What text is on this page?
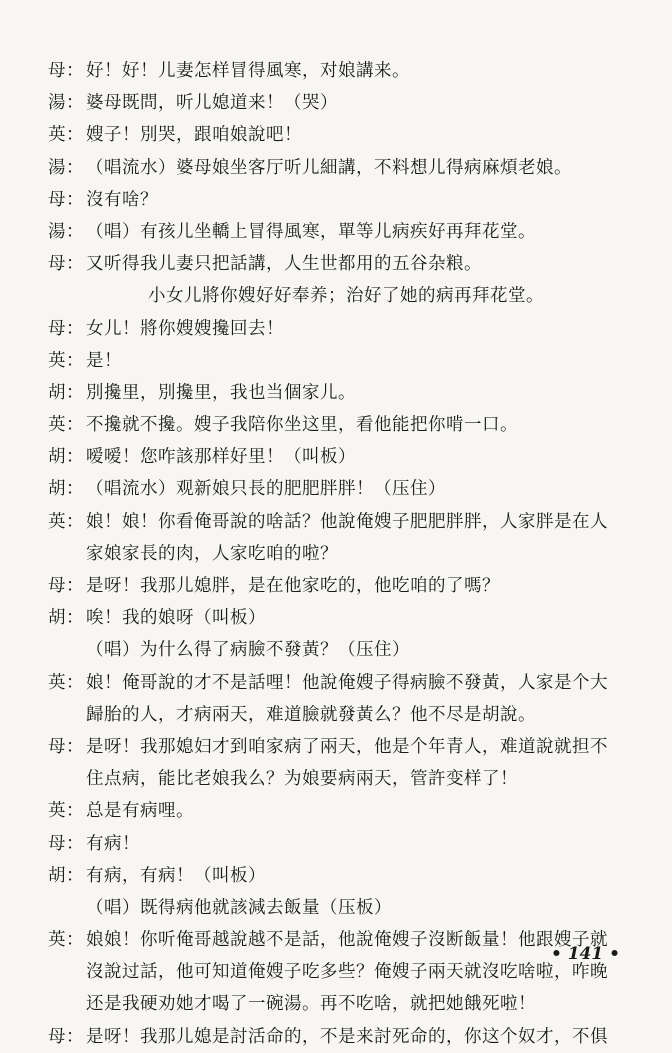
母： 好！好！儿妻怎样冒得風寒，对娘講来。
湯： 婆母既問，听儿媳道来！（哭）
英： 嫂子！別哭，跟咱娘說吧！
湯： （唱流水）婆母娘坐客厅听儿細講，不料想儿得病麻煩老娘。
母： 沒有啥？
湯： （唱）有孩儿坐轎上冒得風寒，單等儿病疾好再拜花堂。
母： 又听得我儿妻只把話講，人生世都用的五谷杂粮。
小女儿將你嫂好好奉养；治好了她的病再拜花堂。
母： 女儿！將你嫂嫂攙回去！
英： 是！
胡： 別攙里，別攙里，我也当個家儿。
英： 不攙就不攙。嫂子我陪你坐这里，看他能把你啃一口。
胡： 嗳嗳！您咋該那样好里！（叫板）
胡： （唱流水）观新娘只長的肥肥胖胖！（压住）
英： 娘！娘！你看俺哥說的啥話？他說俺嫂子肥肥胖胖，人家胖是在人
家娘家長的肉，人家吃咱的啦？
母： 是呀！我那儿媳胖，是在他家吃的，他吃咱的了嗎？
胡： 唉！我的娘呀（叫板）
（唱）为什么得了病臉不發黃？（压住）
英： 娘！俺哥說的才不是話哩！他說俺嫂子得病臉不發黃，人家是个大
歸胎的人，才病兩天，难道臉就發黃么？他不尽是胡說。
母： 是呀！我那媳妇才到咱家病了兩天，他是个年青人，难道說就担不
住点病，能比老娘我么？为娘要病兩天，管許变样了！
英： 总是有病哩。
母： 有病！
胡： 有病，有病！（叫板）
（唱）既得病他就該減去飯量（压板）
英： 娘娘！你听俺哥越說越不是話，他說俺嫂子沒断飯量！他跟嫂子就
沒說过話，他可知道俺嫂子吃多些？俺嫂子兩天就沒吃啥啦，咋晚
还是我硬劝她才喝了一碗湯。再不吃啥，就把她餓死啦！
母： 是呀！我那儿媳是討活命的，不是来討死命的，你这个奴才，不俱
• 141 •
